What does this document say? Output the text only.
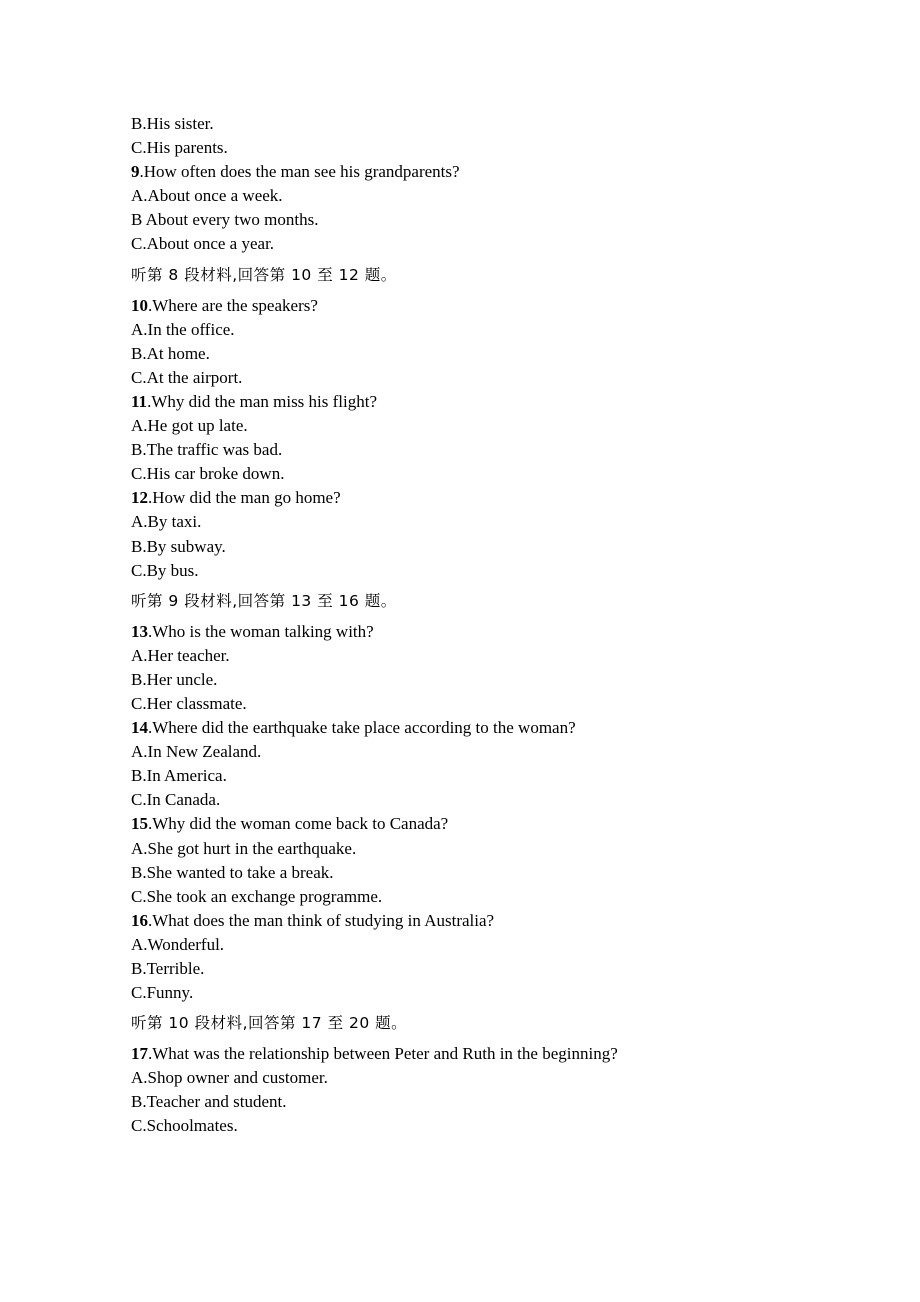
B.His sister.
C.His parents.
9.How often does the man see his grandparents?
A.About once a week.
B About every two months.
C.About once a year.
听第 8 段材料,回答第 10 至 12 题。
10.Where are the speakers?
A.In the office.
B.At home.
C.At the airport.
11.Why did the man miss his flight?
A.He got up late.
B.The traffic was bad.
C.His car broke down.
12.How did the man go home?
A.By taxi.
B.By subway.
C.By bus.
听第 9 段材料,回答第 13 至 16 题。
13.Who is the woman talking with?
A.Her teacher.
B.Her uncle.
C.Her classmate.
14.Where did the earthquake take place according to the woman?
A.In New Zealand.
B.In America.
C.In Canada.
15.Why did the woman come back to Canada?
A.She got hurt in the earthquake.
B.She wanted to take a break.
C.She took an exchange programme.
16.What does the man think of studying in Australia?
A.Wonderful.
B.Terrible.
C.Funny.
听第 10 段材料,回答第 17 至 20 题。
17.What was the relationship between Peter and Ruth in the beginning?
A.Shop owner and customer.
B.Teacher and student.
C.Schoolmates.
